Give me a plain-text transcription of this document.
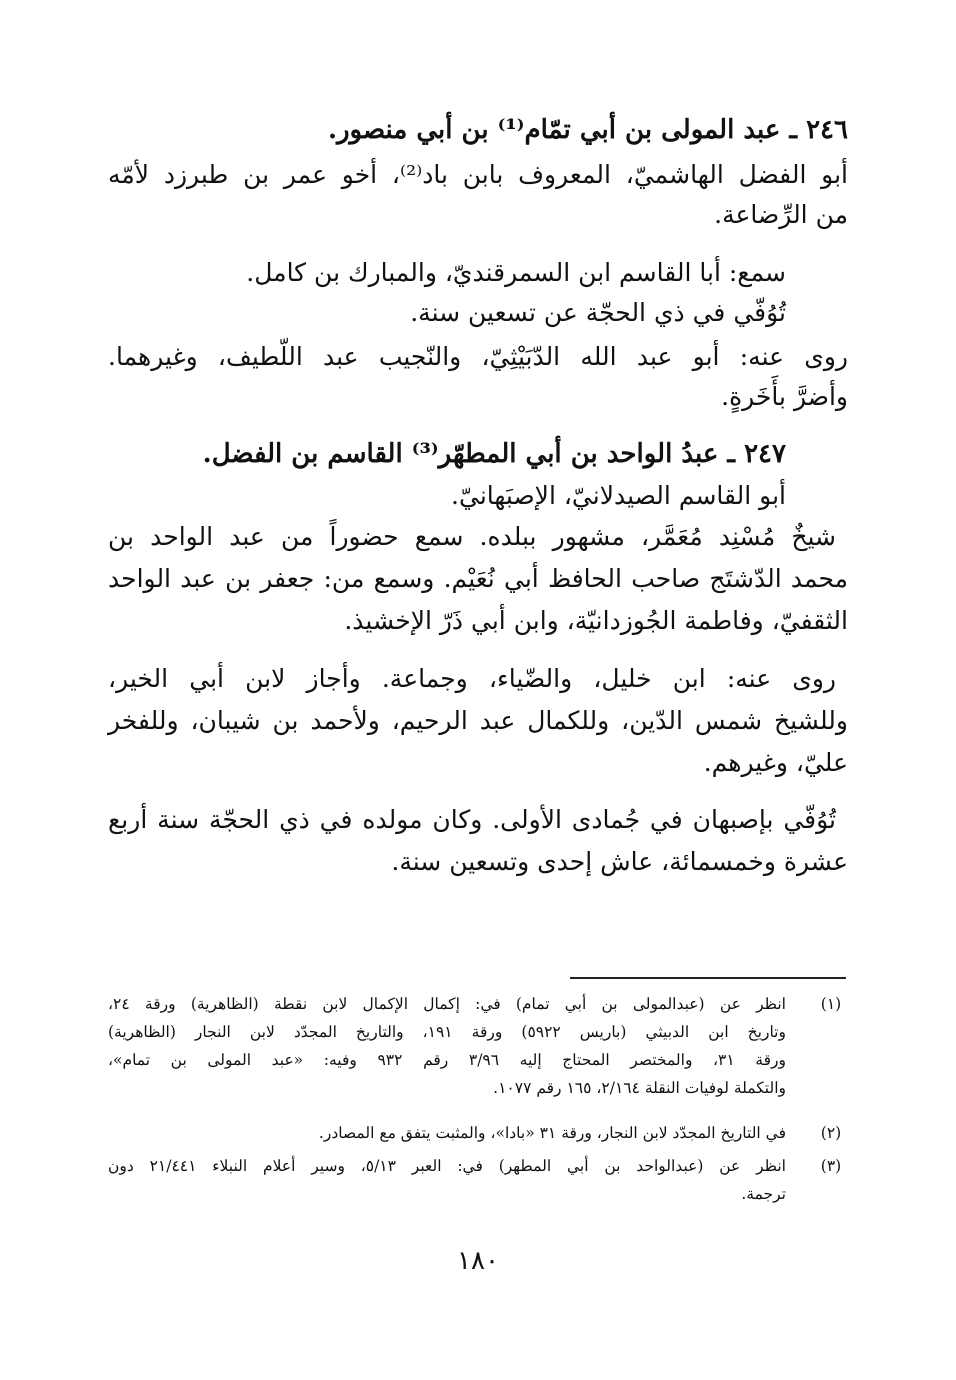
٢٤٦ ـ عبد المولى بن أبي تمّام⁽¹⁾ بن أبي منصور.
أبو الفضل الهاشميّ، المعروف بابن باد⁽²⁾، أخو عمر بن طبرزد لأمّه
من الرِّضاعة.
سمع: أبا القاسم ابن السمرقنديّ، والمبارك بن كامل.
تُوُفّي في ذي الحجّة عن تسعين سنة.
روى عنه: أبو عبد الله الدّبَيْثِيّ، والنّجيب عبد اللّطيف، وغيرهما.
وأضرَّ بأَخَرةٍ.
٢٤٧ ـ عبدُ الواحد بن أبي المطهّر⁽³⁾ القاسم بن الفضل.
أبو القاسم الصيدلانيّ، الإصبَهانيّ.
شيخٌ مُسْنِد مُعَمَّر، مشهور ببلده. سمع حضوراً من عبد الواحد بن
محمد الدّشتَج صاحب الحافظ أبي نُعَيْم. وسمع من: جعفر بن عبد الواحد
الثقفيّ، وفاطمة الجُوزدانيّة، وابن أبي ذَرّ الإخشيذ.
روى عنه: ابن خليل، والضّياء، وجماعة. وأجاز لابن أبي الخير،
وللشيخ شمس الدّين، وللكمال عبد الرحيم، ولأحمد بن شيبان، وللفخر
عليّ، وغيرهم.
تُوُفّي بإصبهان في جُمادى الأولى. وكان مولده في ذي الحجّة سنة أربع
عشرة وخمسمائة، عاش إحدى وتسعين سنة.
(١)
انظر عن (عبدالمولى بن أبي تمام) في: إكمال الإكمال لابن نقطة (الظاهرية) ورقة ٢٤،
وتاريخ ابن الدبيثي (باريس ٥٩٢٢) ورقة ١٩١، والتاريخ المجدّد لابن النجار (الظاهرية)
ورقة ٣١، والمختصر المحتاج إليه ٣/٩٦ رقم ٩٣٢ وفيه: «عبد المولى بن تمام»،
والتكملة لوفيات النقلة ٢/١٦٤، ١٦٥ رقم ١٠٧٧.
(٢)
في التاريخ المجدّد لابن النجار، ورقة ٣١ «بادا»، والمثبت يتفق مع المصادر.
(٣)
انظر عن (عبدالواحد بن أبي المطهر) في: العبر ٥/١٣، وسير أعلام النبلاء ٢١/٤٤١ دون
ترجمة.
١٨٠
